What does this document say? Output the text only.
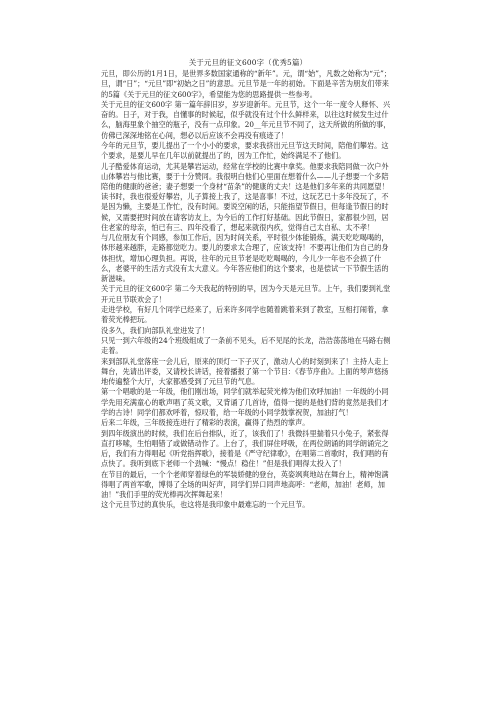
关于元旦的征文600字（优秀5篇）

元旦，即公历的1月1日，是世界多数国家通称的“新年”。元，谓“始”，凡数之始称为“元”；旦，谓“日”；“元旦”即“初始之日”的意思。元旦节是一年的初始。下面是辛苦为朋友们带来的5篇《关于元旦的征文600字》，希望能为您的思路提供一些参考。

关于元旦的征文600字 第一篇年辞旧岁，岁岁迎新年。元旦节，这个一年一度令人释怀、兴奋的。日子，对于我，自懂事的时候起，似乎就没有过个什么鲜样来，以往这时候发生过什么，脑海里象个抽空的瓶子，没有一点印象。20__年元旦节不同了，这天所做的所做的事，仿佛已深深地铭在心间，想必以后应该不会再没有痕迹了！

今年的元旦节，要儿提出了一个小小的要求，要求我挤出元旦节这天时间，陪他们攀岩。这个要求，是要儿早在几年以前就提出了的，因为工作忙，始终满足不了他们。

儿子酷爱体育运动，尤其是攀岩运动，经常在学校的比赛中拿奖。他要求我陪同做一次户外山体攀岩与他比赛，要于十分赞同。我很明白他们心里面在想着什么——儿子想要一个多陪陪他的健康的爸爸；妻子想要一个身材“苗条”的健康的丈夫！这是他们多年来的共同愿望！读书时，我也很爱好攀岩，儿子算接上我了，这是喜事！不过，这玩艺已十多年没玩了，不是因为懒，主要是工作忙，没有时间。要说空闲的话，只能指望节假日，但每逢节假日的时候，又需要把时间放在请客访友上，为今后的工作打好基础。因此节假日，家都很少回，居住老家的母亲，怕已有三、四年没看了，想起来就很内疚，觉得自己太自私、太不孝！

与几位朋友有个同感，参加工作后，因为时间关系，平时很少体能锻炼，满天吃吃喝喝的，体形越来越胖，走路都觉吃力。要儿的要求太合理了，应该支持！不要再让他们为自己的身体担忧，增加心理负担。再说，往年的元旦节老是吃吃喝喝的，今儿少一年也不会损了什么，老婆平的生活方式没有太大意义。今年答应他们的这个要求，也是偿试一下节假生活的新滋味。

关于元旦的征文600字 第二今天我起的特别的早，因为今天是元旦节。上午，我们要到礼堂开元旦节联欢会了！

走进学校，有好几个同学已经来了，后来许多同学也随着跳着来到了教室，互相打闹着，拿着荧光棒把玩。

没多久，我们向部队礼堂进发了！

只见一到六年级的24个班级组成了一条前不见头，后不见尾的长龙，浩浩荡荡地在马路右侧走着。

来到部队礼堂落座一会儿后，原来的顶灯一下子灭了，激动人心的时刻到来了！主持人走上舞台，先请出评委，又请校长讲话，接着播报了第一个节目：《春节序曲》。上面的琴声悠扬地传遍整个大厅，大家都感受到了元旦节的气息。

第一个唱歌的是一年级，他们刚出场，同学们就举起荧光棒为他们欢呼加油！一年级的小同学先用充满童心的歌声唱了英文歌，又背诵了几首诗，值得一提的是他们背的竟然是我们才学的古诗！同学们都欢呼着，惊叹着，给一年级的小同学鼓掌祝贺，加油打气！

后来二年级，三年级接连进行了精彩的表演，赢得了热烈的掌声。

到四年级演出的时候，我们在后台排队，近了，该我们了！我微抖里揣着只小兔子，紧张得直打哆嗦，生怕唱错了或做错动作了。上台了，我们屏住呼吸，在两位朗诵的同学朗诵完之后，我们有力得唱起《听党指挥歌》，接着是《严守纪律歌》，在唱第二首歌时，我们唱的有点快了。我听到底下老师一个劲喊：“慢点！稳住！”但是我们唱得太投入了！

在节目的最后，一个个老师穿着绿色的军装娇健的登台，英姿飒爽地站在舞台上，精神饱满得唱了两首军歌，博得了全场的叫好声，同学们异口同声地高呼：“老师，加油！老师，加油！”我们手里的荧光棒再次挥舞起来！

这个元旦节过的真快乐，也这将是我印象中最难忘的一个元旦节。
